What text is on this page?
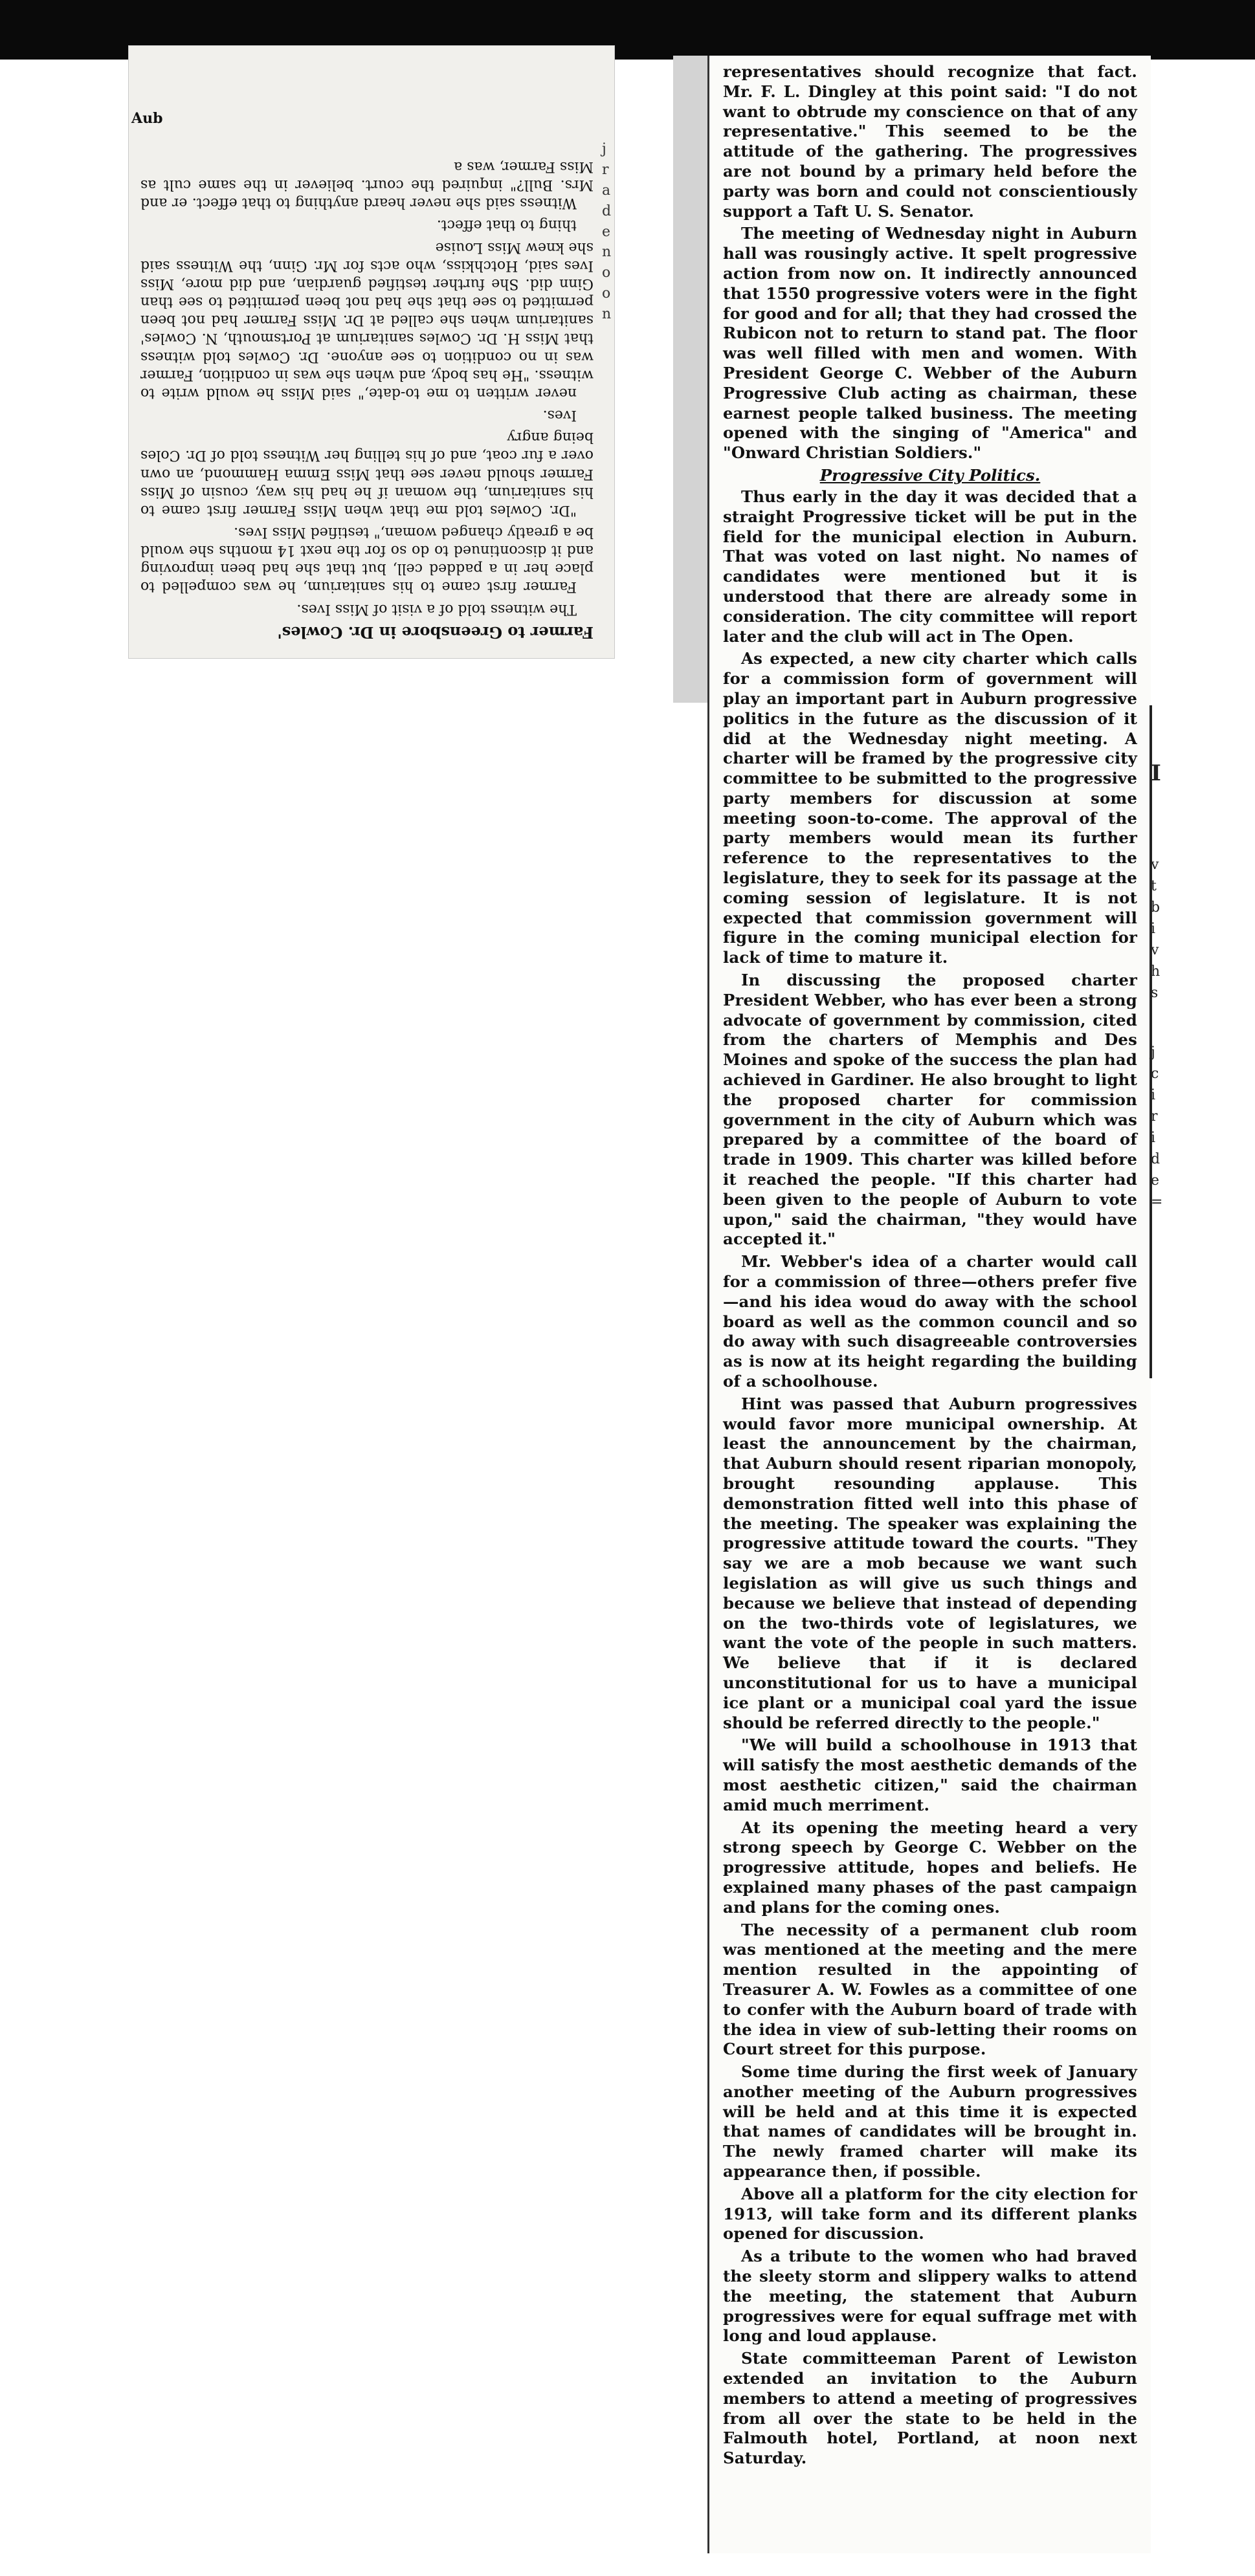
Farmer to Greensbore in Dr. Cowles'

The witness told of a visit of Miss Ives.

Farmer first came to his sanitarium, he was compelled to place her in a padded cell, but that she had been improving and it discontinued to do so for the next 14 months she would be a greatly changed woman," testified Miss Ives.

"Dr. Cowles told me that when Miss Farmer first came to his sanitarium, the woman if he had his way, cousin of Miss Farmer should never see that Miss Emma Hammond, an own over a fur coat, and of his telling her Witness told of Dr. Coles being angry

Ives.

never written to me to-date," said Miss he would write to witness. "He has body, and when she was in condition, Farmer was in no condition to see anyone. Dr. Cowles told witness that Miss H. Dr. Cowles sanitarium at Portsmouth, N. Cowles' sanitarium when she called at Dr. Miss Farmer had not been permitted to see that she had not been permitted to see than Ginn did. She further testified guardian, and did more, Miss Ives said, Hotchkiss, who acts for Mr. Ginn, the Witness said she knew Miss Louise

thing to that effect.

Witness said she never heard anything to that effect. er and Mrs. Bull?" inquired the court. believer in the same cult as Miss Farmer, was a

Aub
j
r
a
d
e
n
o
o
n

representatives should recognize that fact. Mr. F. L. Dingley at this point said: "I do not want to obtrude my conscience on that of any representative." This seemed to be the attitude of the gathering. The progressives are not bound by a primary held before the party was born and could not conscientiously support a Taft U. S. Senator.

The meeting of Wednesday night in Auburn hall was rousingly active. It spelt progressive action from now on. It indirectly announced that 1550 progressive voters were in the fight for good and for all; that they had crossed the Rubicon not to return to stand pat. The floor was well filled with men and women. With President George C. Webber of the Auburn Progressive Club acting as chairman, these earnest people talked business. The meeting opened with the singing of "America" and "Onward Christian Soldiers."

Progressive City Politics.

Thus early in the day it was decided that a straight Progressive ticket will be put in the field for the municipal election in Auburn. That was voted on last night. No names of candidates were mentioned but it is understood that there are already some in consideration. The city committee will report later and the club will act in The Open.

As expected, a new city charter which calls for a commission form of government will play an important part in Auburn progressive politics in the future as the discussion of it did at the Wednesday night meeting. A charter will be framed by the progressive city committee to be submitted to the progressive party members for discussion at some meeting soon-to-come. The approval of the party members would mean its further reference to the representatives to the legislature, they to seek for its passage at the coming session of legislature. It is not expected that commission government will figure in the coming municipal election for lack of time to mature it.

In discussing the proposed charter President Webber, who has ever been a strong advocate of government by commission, cited from the charters of Memphis and Des Moines and spoke of the success the plan had achieved in Gardiner. He also brought to light the proposed charter for commission government in the city of Auburn which was prepared by a committee of the board of trade in 1909. This charter was killed before it reached the people. "If this charter had been given to the people of Auburn to vote upon," said the chairman, "they would have accepted it."

Mr. Webber's idea of a charter would call for a commission of three—others prefer five—and his idea woud do away with the school board as well as the common council and so do away with such disagreeable controversies as is now at its height regarding the building of a schoolhouse.

Hint was passed that Auburn progressives would favor more municipal ownership. At least the announcement by the chairman, that Auburn should resent riparian monopoly, brought resounding applause. This demonstration fitted well into this phase of the meeting. The speaker was explaining the progressive attitude toward the courts. "They say we are a mob because we want such legislation as will give us such things and because we believe that instead of depending on the two-thirds vote of legislatures, we want the vote of the people in such matters. We believe that if it is declared unconstitutional for us to have a municipal ice plant or a municipal coal yard the issue should be referred directly to the people."

"We will build a schoolhouse in 1913 that will satisfy the most aesthetic demands of the most aesthetic citizen," said the chairman amid much merriment.

At its opening the meeting heard a very strong speech by George C. Webber on the progressive attitude, hopes and beliefs. He explained many phases of the past campaign and plans for the coming ones.

The necessity of a permanent club room was mentioned at the meeting and the mere mention resulted in the appointing of Treasurer A. W. Fowles as a committee of one to confer with the Auburn board of trade with the idea in view of sub-letting their rooms on Court street for this purpose.

Some time during the first week of January another meeting of the Auburn progressives will be held and at this time it is expected that names of candidates will be brought in. The newly framed charter will make its appearance then, if possible.

Above all a platform for the city election for 1913, will take form and its different planks opened for discussion.

As a tribute to the women who had braved the sleety storm and slippery walks to attend the meeting, the statement that Auburn progressives were for equal suffrage met with long and loud applause.

State committeeman Parent of Lewiston extended an invitation to the Auburn members to attend a meeting of progressives from all over the state to be held in the Falmouth hotel, Portland, at noon next Saturday.

I
v
t
b
i
v
h
s
j
c
i
r
i
d
e
=
